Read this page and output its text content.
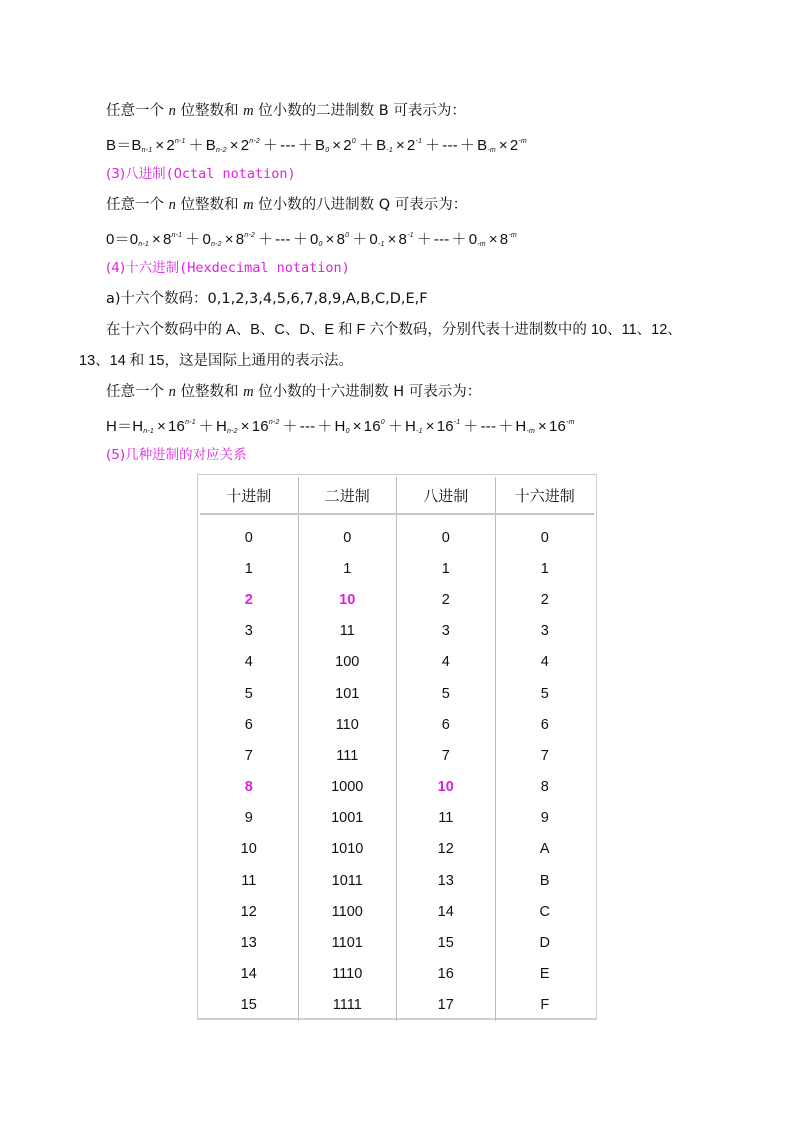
任意一个 n 位整数和 m 位小数的二进制数 B 可表示为：
$B=B_{n-1} \times 2^{n-1} + B_{n-2} \times 2^{n-2}$ ＋ --- ＋ $B_0 \times 2^0 + B_{-1} \times 2^{-1}$ ＋ --- ＋ $B_{-m} \times 2^{-m}$
(3)八进制(Octal notation)
任意一个 n 位整数和 m 位小数的八进制数 Q 可表示为：
$0=0_{n-1} \times 8^{n-1} + 0_{n-2} \times 8^{n-2}$ ＋ --- ＋ $0_0 \times 8^0 + 0_{-1} \times 8^{-1}$ ＋ --- ＋ $0_{-m} \times 8^{-m}$
(4)十六进制(Hexdecimal notation)
a)十六个数码：0,1,2,3,4,5,6,7,8,9,A,B,C,D,E,F
在十六个数码中的 A、B、C、D、E 和 F 六个数码，分别代表十进制数中的 10、11、12、13、14 和 15，这是国际上通用的表示法。
任意一个 n 位整数和 m 位小数的十六进制数 H 可表示为：
$H=H_{n-1} \times 16^{n-1} + H_{n-2} \times 16^{n-2}$ ＋ --- ＋ $H_0 \times 16^0 + H_{-1} \times 16^{-1}$ ＋ --- ＋ $H_{-m} \times 16^{-m}$
(5)几种进制的对应关系
十进制	二进制	八进制	十六进制

0	0	0	0
1	1	1	1
2	10	2	2
3	11	3	3
4	100	4	4
5	101	5	5
6	110	6	6
7	111	7	7
8	1000	10	8
9	1001	11	9
10	1010	12	A
11	1011	13	B
12	1100	14	C
13	1101	15	D
14	1110	16	E
15	1111	17	F
